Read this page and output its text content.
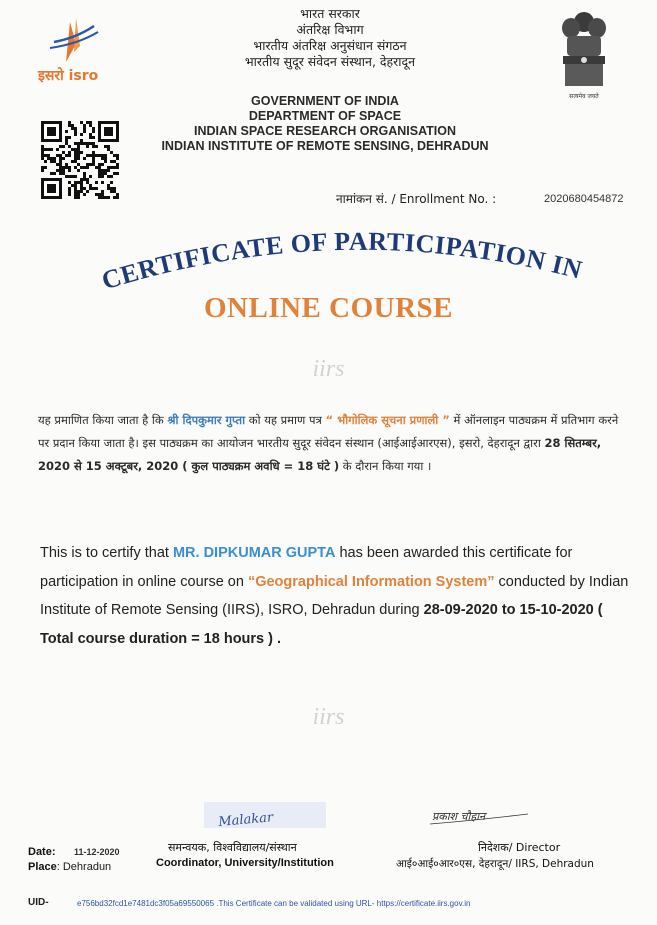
इसरो isro
भारत सरकार
अंतरिक्ष विभाग
भारतीय अंतरिक्ष अनुसंधान संगठन
भारतीय सुदूर संवेदन संस्थान, देहरादून
सत्यमेव जयते
GOVERNMENT OF INDIA
DEPARTMENT OF SPACE
INDIAN SPACE RESEARCH ORGANISATION
INDIAN INSTITUTE OF REMOTE SENSING, DEHRADUN
नामांकन सं. / Enrollment No. :	2020680454872
CERTIFICATE OF PARTICIPATION IN
ONLINE COURSE
iirs
iirs
यह प्रमाणित किया जाता है कि श्री दिपकुमार गुप्ता को यह प्रमाण पत्र “ भौगोलिक सूचना प्रणाली ” में ऑनलाइन पाठ्यक्रम में प्रतिभाग करने पर प्रदान किया जाता है। इस पाठ्यक्रम का आयोजन भारतीय सुदूर संवेदन संस्थान (आईआईआरएस), इसरो, देहरादून द्वारा 28 सितम्बर, 2020 से 15 अक्टूबर, 2020 ( कुल पाठ्यक्रम अवधि = 18 घंटे ) के दौरान किया गया ।
This is to certify that MR. DIPKUMAR GUPTA has been awarded this certificate for participation in online course on “Geographical Information System” conducted by Indian Institute of Remote Sensing (IIRS), ISRO, Dehradun during 28-09-2020 to 15-10-2020 ( Total course duration = 18 hours ) .
Malakar	प्रकाश चौहान
Date: 11-12-2020
Place: Dehradun
समन्वयक, विश्वविद्यालय/संस्थान
Coordinator, University/Institution
निदेशक/ Director
आई०आई०आर०एस, देहरादून/ IIRS, Dehradun
UID-	e756bd32fcd1e7481dc3f05a69550065 .This Certificate can be validated using URL- https://certificate.iirs.gov.in
